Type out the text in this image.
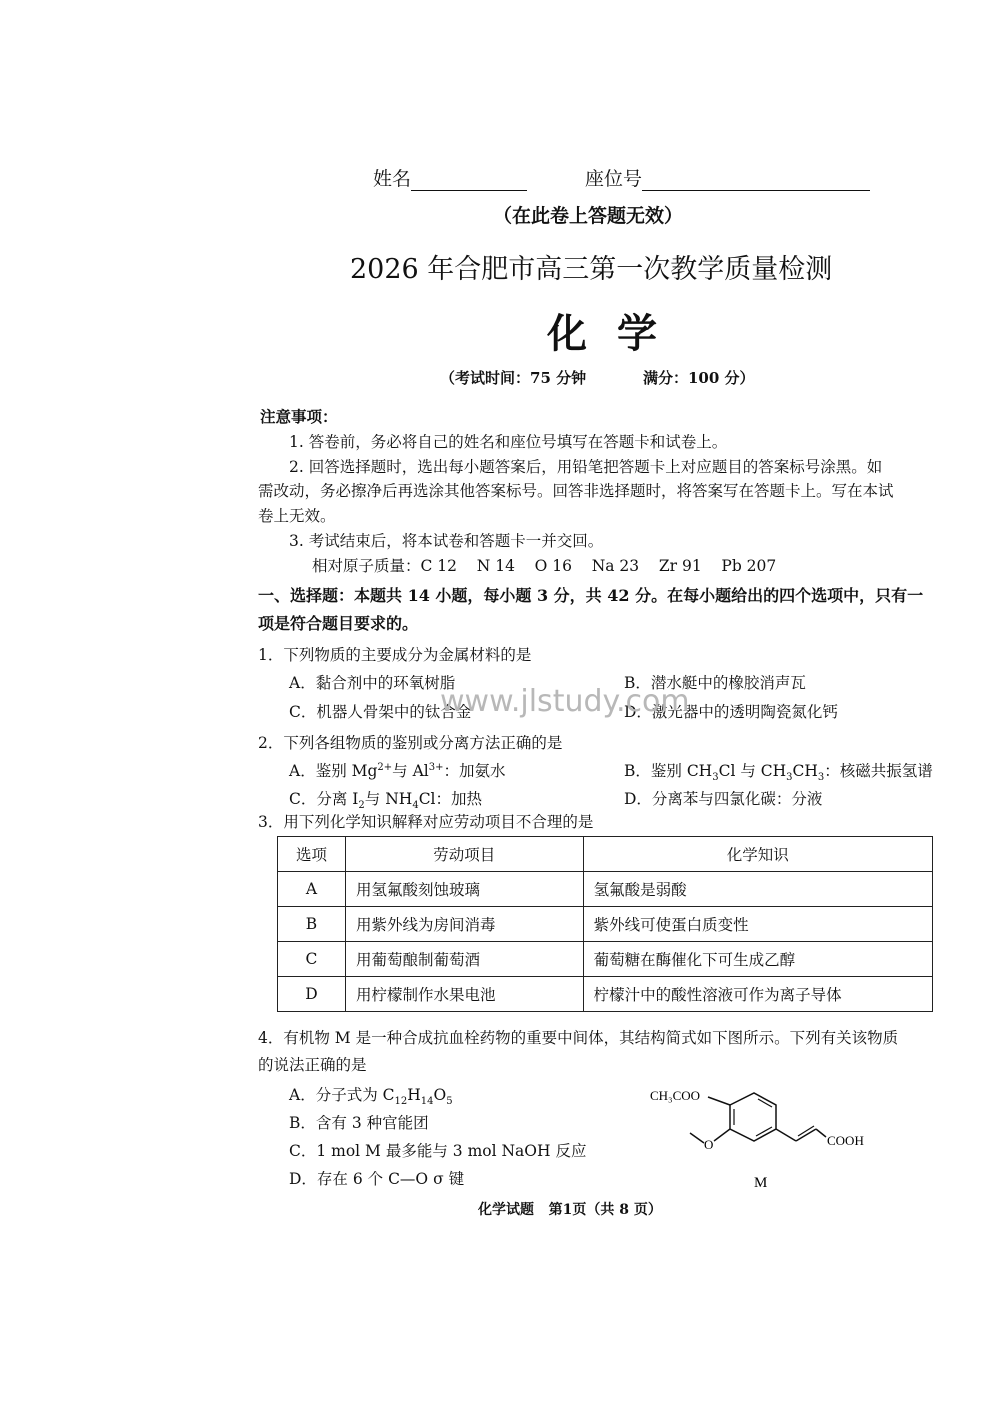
姓名	座位号
（在此卷上答题无效）
2026 年合肥市高三第一次教学质量检测
化学
（考试时间：75 分钟	满分：100 分）
注意事项：
1. 答卷前，务必将自己的姓名和座位号填写在答题卡和试卷上。
2. 回答选择题时，选出每小题答案后，用铅笔把答题卡上对应题目的答案标号涂黑。如
需改动，务必擦净后再选涂其他答案标号。回答非选择题时，将答案写在答题卡上。写在本试
卷上无效。
3. 考试结束后，将本试卷和答题卡一并交回。
相对原子质量：C 12    N 14    O 16    Na 23    Zr 91    Pb 207
一、选择题：本题共 14 小题，每小题 3 分，共 42 分。在每小题给出的四个选项中，只有一
项是符合题目要求的。
1．下列物质的主要成分为金属材料的是
A．黏合剂中的环氧树脂	B．潜水艇中的橡胶消声瓦
C．机器人骨架中的钛合金	D．激光器中的透明陶瓷氮化钙
www.jlstudy.com
2．下列各组物质的鉴别或分离方法正确的是
A．鉴别 $Mg^{2+}$与 $Al^{3+}$：加氨水	B．鉴别 $CH_3Cl$ 与 $CH_3CH_3$：核磁共振氢谱
C．分离 $I_2$与 $NH_4Cl$：加热	D．分离苯与四氯化碳：分液
3．用下列化学知识解释对应劳动项目不合理的是
选项	劳动项目	化学知识
A	用氢氟酸刻蚀玻璃	氢氟酸是弱酸
B	用紫外线为房间消毒	紫外线可使蛋白质变性
C	用葡萄酿制葡萄酒	葡萄糖在酶催化下可生成乙醇
D	用柠檬制作水果电池	柠檬汁中的酸性溶液可作为离子导体
4．有机物 M 是一种合成抗血栓药物的重要中间体，其结构简式如下图所示。下列有关该物质
的说法正确的是
A．分子式为 $C_{12}H_{14}O_5$
B．含有 3 种官能团
C．1 mol M 最多能与 3 mol NaOH 反应
D．存在 6 个 C—O σ 键
CH₃COO
O	COOH
M
化学试题   第1页（共 8 页）
